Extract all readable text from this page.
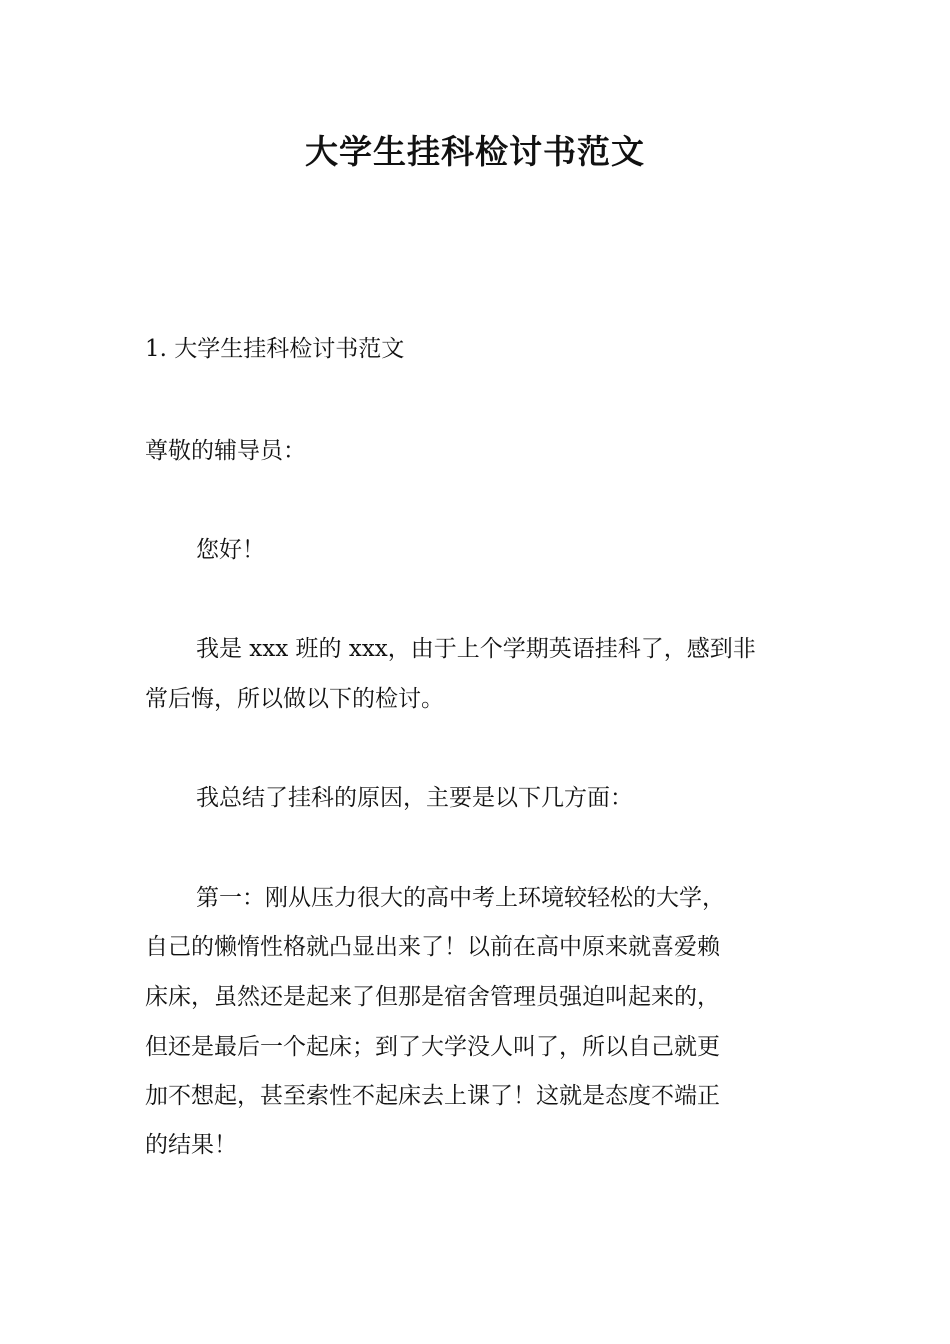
大学生挂科检讨书范文
1. 大学生挂科检讨书范文
尊敬的辅导员：
您好！
我是 xxx 班的 xxx，由于上个学期英语挂科了，感到非
常后悔，所以做以下的检讨。
我总结了挂科的原因，主要是以下几方面：
第一：刚从压力很大的高中考上环境较轻松的大学，
自己的懒惰性格就凸显出来了！以前在高中原来就喜爱赖
床床，虽然还是起来了但那是宿舍管理员强迫叫起来的，
但还是最后一个起床；到了大学没人叫了，所以自己就更
加不想起，甚至索性不起床去上课了！这就是态度不端正
的结果！
